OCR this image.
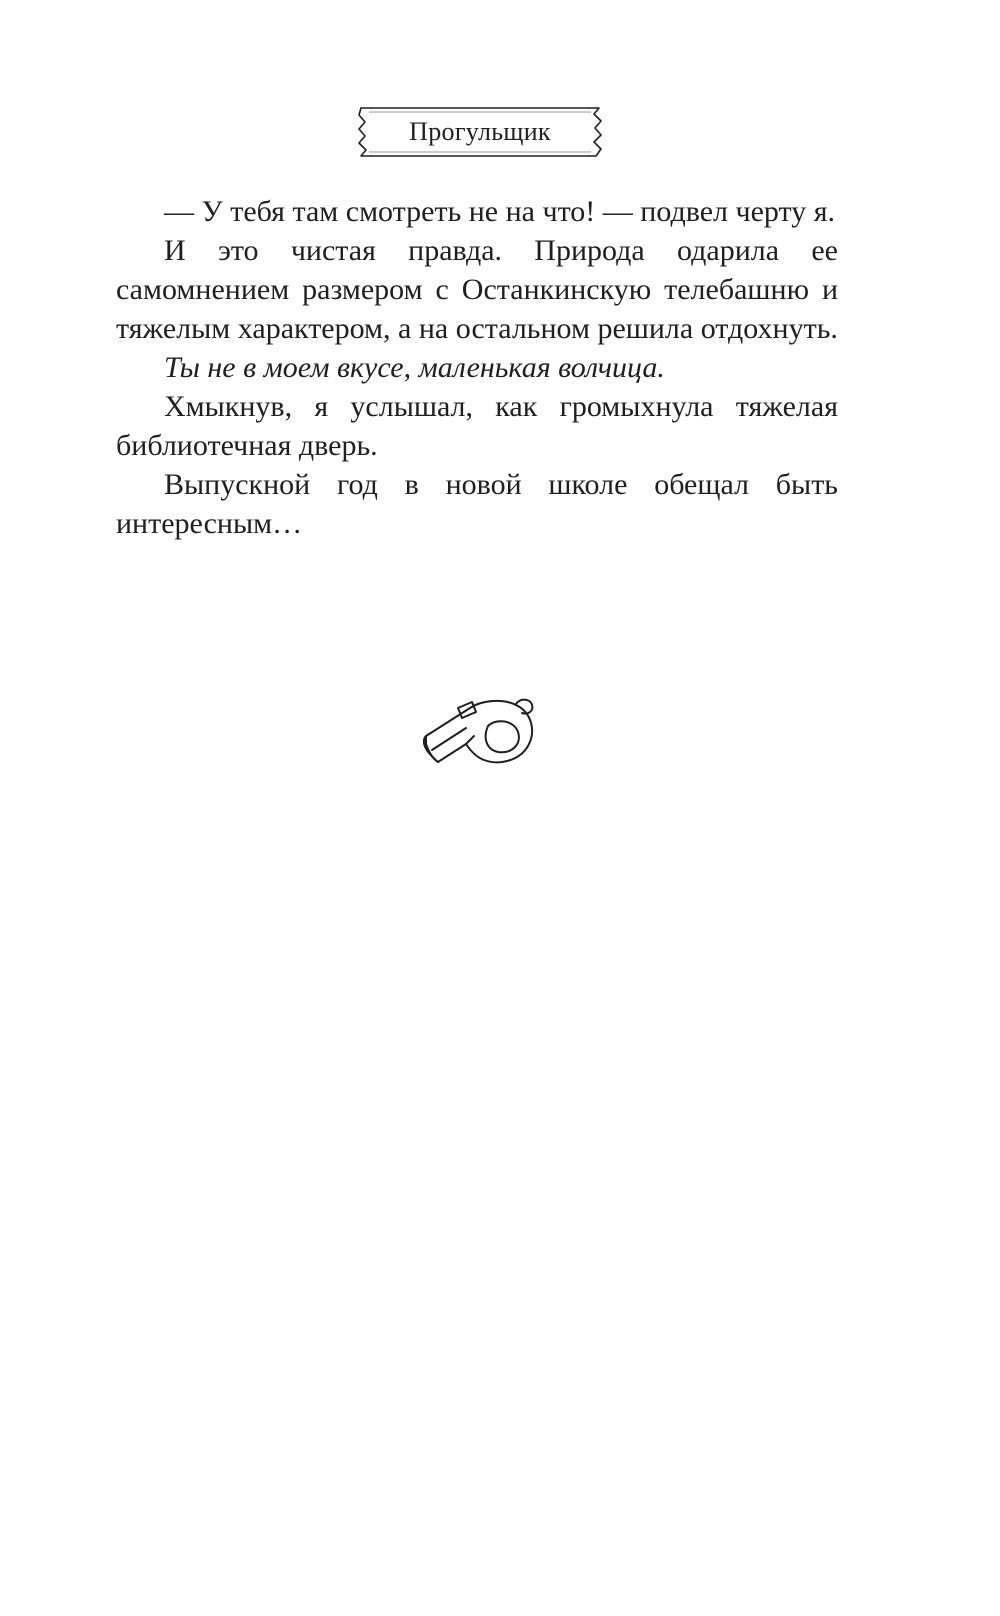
Прогульщик

— У тебя там смотреть не на что! — подвел черту я.

И это чистая правда. Природа одарила ее самомнением размером с Останкинскую телебашню и тяжелым характером, а на остальном решила отдохнуть.

Ты не в моем вкусе, маленькая волчица.

Хмыкнув, я услышал, как громыхнула тяжелая библиотечная дверь.

Выпускной год в новой школе обещал быть интересным…
